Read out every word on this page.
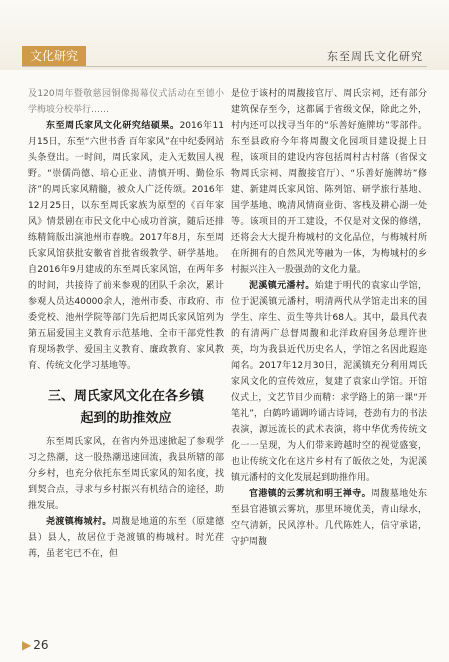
文化研究	东至周氏文化研究

及120周年暨敬慈园铜像揭幕仪式活动在至德小学梅坡分校举行……

东至周氏家风文化研究结硕果。2016年11月15日，东至“六世书香 百年家风”在中纪委网站头条登出。一时间，周氏家风，走入无数国人视野。“崇儒尚德、培心正业、清慎开明、勤俭乐济”的周氏家风精髓，被众人广泛传颂。2016年12月25日，以东至周氏家族为原型的《百年家风》情景剧在市民文化中心成功首演，随后还排练精简版出演池州市春晚。2017年8月，东至周氏家风馆获批安徽省首批省级教学、研学基地。自2016年9月建成的东至周氏家风馆，在两年多的时间，共接待了前来参观的团队千余次，累计参观人员达40000余人，池州市委、市政府、市委党校、池州学院等部门先后把周氏家风馆列为第五届爱国主义教育示范基地、全市干部党性教育现场教学、爱国主义教育、廉政教育、家风教育、传统文化学习基地等。

三、周氏家风文化在各乡镇
起到的助推效应

东至周氏家风，在省内外迅速掀起了参观学习之热潮，这一股热潮迅速回流，我县所辖的部分乡村，也充分依托东至周氏家风的知名度，找到契合点，寻求与乡村振兴有机结合的途径，助推发展。

尧渡镇梅城村。周馥是地道的东至（原建德县）县人，故居位于尧渡镇的梅城村。时光荏苒，虽老宅已不在，但

是位于该村的周馥接官厅、周氏宗祠，还有部分建筑保存至今，这都属于省级文保，除此之外，村内还可以找寻当年的“乐善好施牌坊”零部件。东至县政府今年将周馥文化园项目建设提上日程，该项目的建设内容包括周村古村落（省保文物周氏宗祠、周馥接官厅）、“乐善好施牌坊”修建、新建周氏家风馆、陈列馆、研学旅行基地、国学基地、晚清风情商业街、客栈及耕心湖一处等。该项目的开工建设，不仅是对文保的修缮，还将会大大提升梅城村的文化品位，与梅城村所在所拥有的自然风光等融为一体，为梅城村的乡村振兴注入一股强劲的文化力量。

泥溪镇元潘村。始建于明代的袁家山学馆，位于泥溪镇元潘村，明清两代从学馆走出来的国学生、庠生、贡生等共计68人。其中，最具代表的有清两广总督周馥和北洋政府国务总理许世英，均为我县近代历史名人，学馆之名因此遐迩闻名。2017年12月30日，泥溪镇充分利用周氏家风文化的宣传效应，复建了袁家山学馆。开馆仪式上，文艺节目少而精：求学路上的第一课“开笔礼”，白鹤吟诵调吟诵古诗词，苍劲有力的书法表演，源远流长的武术表演，将中华优秀传统文化一一呈现，为人们带来跨越时空的视觉盛宴，也让传统文化在这片乡村有了皈依之处，为泥溪镇元潘村的文化发展起到助推作用。

官港镇的云雾坑和明王禅寺。周馥墓地处东至县官港镇云雾坑，那里环境优美，青山绿水，空气清新，民风淳朴。几代陈姓人，信守承诺，守护周馥

▶ 26
